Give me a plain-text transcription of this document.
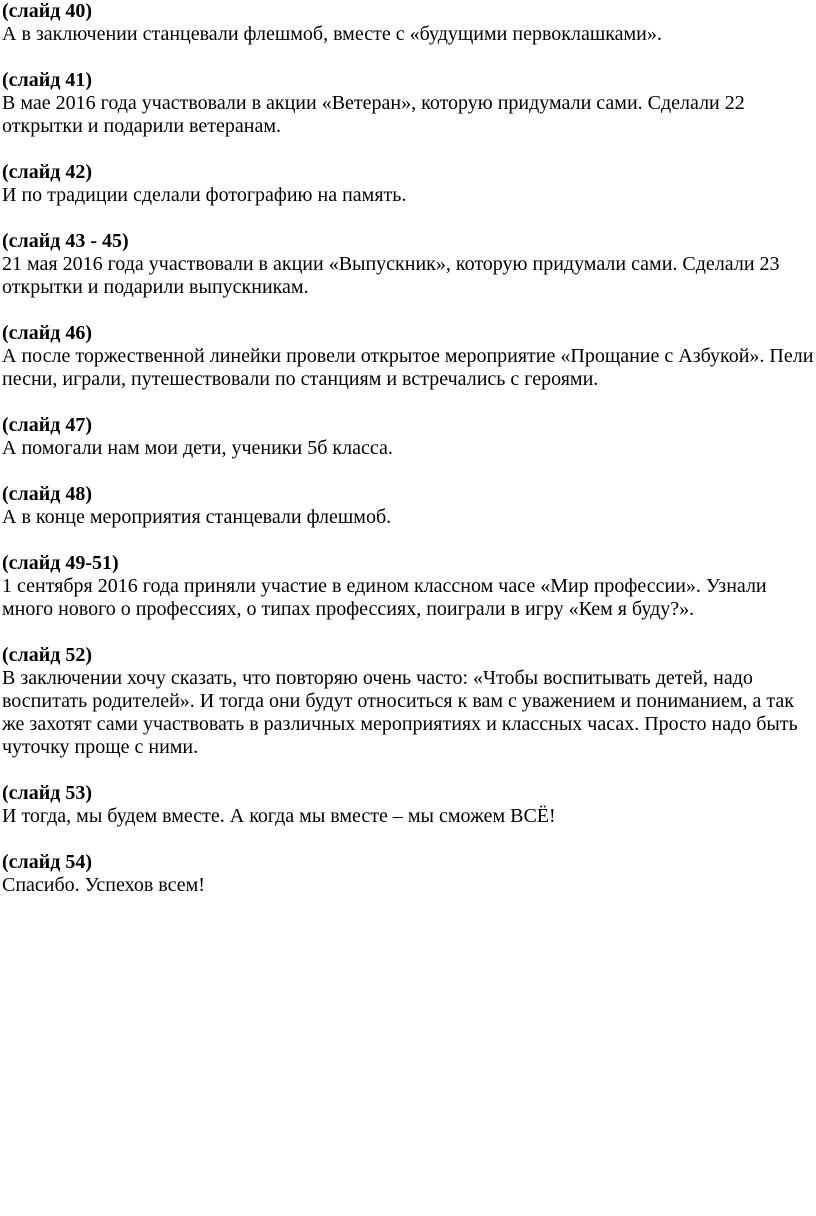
(слайд 40)
А в заключении станцевали флешмоб, вместе с «будущими первоклашками».
(слайд 41)
В мае 2016 года участвовали в акции «Ветеран», которую придумали сами. Сделали 22 открытки и подарили ветеранам.
(слайд 42)
И по традиции сделали фотографию на память.
(слайд 43 - 45)
21 мая 2016 года участвовали в акции «Выпускник», которую придумали сами. Сделали 23 открытки и подарили выпускникам.
(слайд 46)
А после торжественной линейки провели открытое мероприятие «Прощание с Азбукой». Пели песни, играли, путешествовали по станциям и встречались с героями.
(слайд 47)
А помогали нам мои дети, ученики 5б класса.
(слайд 48)
А в конце мероприятия станцевали флешмоб.
(слайд 49-51)
1 сентября 2016 года приняли участие в едином классном часе «Мир профессии». Узнали много нового о профессиях, о типах профессиях, поиграли в игру «Кем я буду?».
(слайд 52)
В заключении хочу сказать, что повторяю очень часто: «Чтобы воспитывать детей, надо воспитать родителей». И тогда они будут относиться к вам с уважением и пониманием, а так же захотят сами участвовать в различных мероприятиях и классных часах. Просто надо быть чуточку проще с ними.
(слайд 53)
И тогда, мы будем вместе. А когда мы вместе – мы сможем ВСЁ!
(слайд 54)
Спасибо. Успехов всем!
